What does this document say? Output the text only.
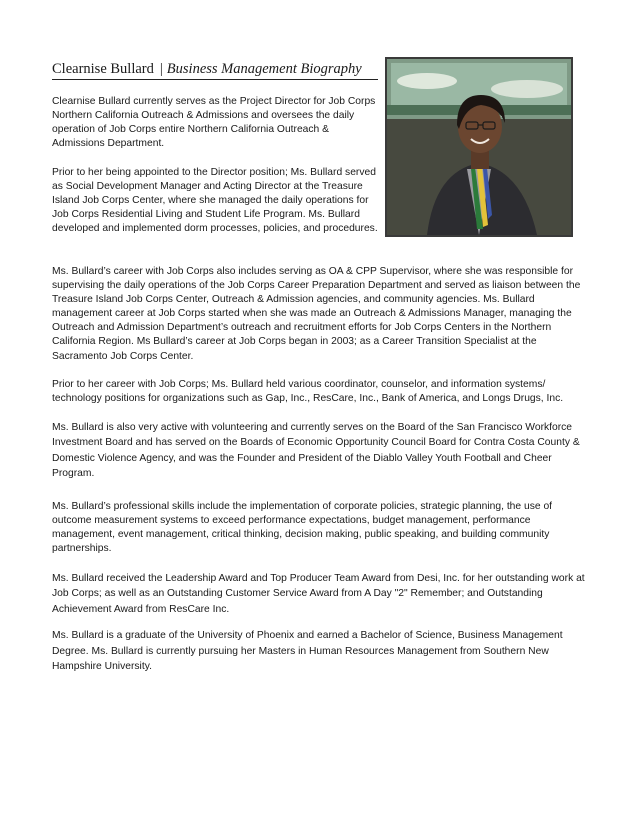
Clearnise Bullard | Business Management Biography

Clearnise Bullard currently serves as the Project Director for Job Corps Northern California Outreach & Admissions and oversees the daily operation of Job Corps entire Northern California Outreach & Admissions Department.

Prior to her being appointed to the Director position; Ms. Bullard served as Social Development Manager and Acting Director at the Treasure Island Job Corps Center, where she managed the daily operations for Job Corps Residential Living and Student Life Program. Ms. Bullard developed and implemented dorm processes, policies, and procedures.

Ms. Bullard’s career with Job Corps also includes serving as OA & CPP Supervisor, where she was responsible for supervising the daily operations of the Job Corps Career Preparation Department and served as liaison between the Treasure Island Job Corps Center, Outreach & Admission agencies, and community agencies. Ms. Bullard management career at Job Corps started when she was made an Outreach & Admissions Manager, managing the Outreach and Admission Department’s outreach and recruitment efforts for Job Corps Centers in the Northern California Region. Ms Bullard’s career at Job Corps began in 2003; as a Career Transition Specialist at the Sacramento Job Corps Center.

Prior to her career with Job Corps; Ms. Bullard held various coordinator, counselor, and information systems/ technology positions for organizations such as Gap, Inc., ResCare, Inc., Bank of America, and Longs Drugs, Inc.

Ms. Bullard is also very active with volunteering and currently serves on the Board of the San Francisco Workforce Investment Board and has served on the Boards of Economic Opportunity Council Board for Contra Costa County & Domestic Violence Agency, and was the Founder and President of the Diablo Valley Youth Football and Cheer Program.

Ms. Bullard’s professional skills include the implementation of corporate policies, strategic planning, the use of outcome measurement systems to exceed performance expectations, budget management, performance management, event management, critical thinking, decision making, public speaking, and building community partnerships.

Ms. Bullard received the Leadership Award and Top Producer Team Award from Desi, Inc. for her outstanding work at Job Corps; as well as an Outstanding Customer Service Award from A Day "2" Remember; and Outstanding Achievement Award from ResCare Inc.

Ms. Bullard is a graduate of the University of Phoenix and earned a Bachelor of Science, Business Management Degree. Ms. Bullard is currently pursuing her Masters in Human Resources Management from Southern New Hampshire University.
